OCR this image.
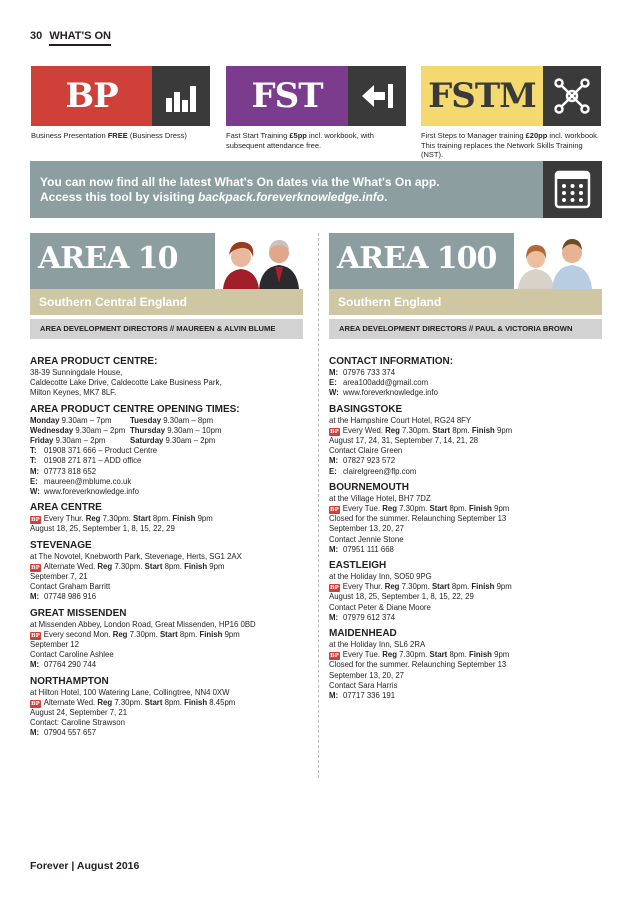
30 WHAT'S ON
BP	FST	FSTM
Business Presentation FREE (Business Dress)	Fast Start Training £5pp incl. workbook, with subsequent attendance free.
First Steps to Manager training £20pp incl. workbook. This training replaces the Network Skills Training (NST).
You can now find all the latest What's On dates via the What's On app.
Access this tool by visiting backpack.foreverknowledge.info.
AREA 10
Southern Central England
AREA DEVELOPMENT DIRECTORS // MAUREEN & ALVIN BLUME
AREA 100
Southern England
AREA DEVELOPMENT DIRECTORS // PAUL & VICTORIA BROWN
AREA PRODUCT CENTRE:
38-39 Sunningdale House,
Caldecotte Lake Drive, Caldecotte Lake Business Park,
Milton Keynes, MK7 8LF.
AREA PRODUCT CENTRE OPENING TIMES:
Monday 9.30am – 7pm	Tuesday 9.30am – 8pm
Wednesday 9.30am – 2pm Thursday 9.30am – 10pm
Friday 9.30am – 2pm	Saturday 9.30am – 2pm
T: 01908 371 666 – Product Centre
T: 01908 271 871 – ADD office
M: 07773 818 652
E: maureen@mblume.co.uk
W: www.foreverknowledge.info
AREA CENTRE
BP Every Thur. Reg 7.30pm. Start 8pm. Finish 9pm
August 18, 25, September 1, 8, 15, 22, 29
STEVENAGE
at The Novotel, Knebworth Park, Stevenage, Herts, SG1 2AX
BP Alternate Wed. Reg 7.30pm. Start 8pm. Finish 9pm
September 7, 21
Contact Graham Barritt
M: 07748 986 916
GREAT MISSENDEN
at Missenden Abbey, London Road, Great Missenden, HP16 0BD
BP Every second Mon. Reg 7.30pm. Start 8pm. Finish 9pm
September 12
Contact Caroline Ashlee
M: 07764 290 744
NORTHAMPTON
at Hilton Hotel, 100 Watering Lane, Collingtree, NN4 0XW
BP Alternate Wed. Reg 7.30pm. Start 8pm. Finish 8.45pm
August 24, September 7, 21
Contact: Caroline Strawson
M: 07904 557 657
CONTACT INFORMATION:
M: 07976 733 374
E: area100add@gmail.com
W: www.foreverknowledge.info
BASINGSTOKE
at the Hampshire Court Hotel, RG24 8FY
BP Every Wed. Reg 7.30pm. Start 8pm. Finish 9pm
August 17, 24, 31, September 7, 14, 21, 28
Contact Claire Green
M: 07827 923 572
E: clairelgreen@flp.com
BOURNEMOUTH
at the Village Hotel, BH7 7DZ
BP Every Tue. Reg 7.30pm. Start 8pm. Finish 9pm
Closed for the summer. Relaunching September 13
September 13, 20, 27
Contact Jennie Stone
M: 07951 111 668
EASTLEIGH
at the Holiday Inn, SO50 9PG
BP Every Thur. Reg 7.30pm. Start 8pm. Finish 9pm
August 18, 25, September 1, 8, 15, 22, 29
Contact Peter & Diane Moore
M: 07979 612 374
MAIDENHEAD
at the Holiday Inn, SL6 2RA
BP Every Tue. Reg 7.30pm. Start 8pm. Finish 9pm
Closed for the summer. Relaunching September 13
September 13, 20, 27
Contact Sara Harris
M: 07717 336 191
Forever | August 2016
